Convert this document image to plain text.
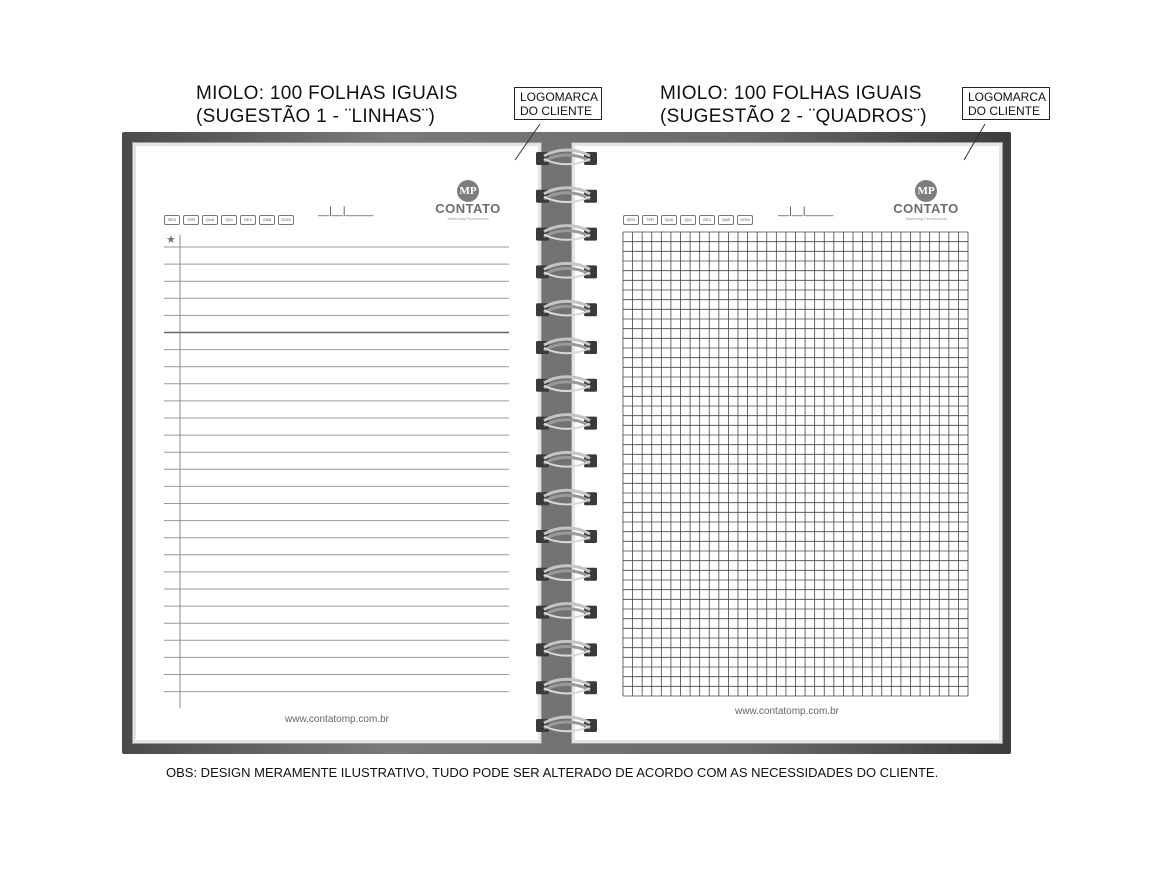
MIOLO: 100 FOLHAS IGUAIS
(SUGESTÃO 1 - ¨LINHAS¨)
MIOLO: 100 FOLHAS IGUAIS
(SUGESTÃO 2 - ¨QUADROS¨)
SEG	TER	QUA	QUI	SEX	SAB	DOM
__|__|_____
MP
CONTATO
Marketing Promocional
★
www.contatomp.com.br
SEG	TER	QUA	QUI	SEX	SAB	DOM
__|__|_____
MP
CONTATO
Marketing Promocional
www.contatomp.com.br
LOGOMARCA
DO CLIENTE
LOGOMARCA
DO CLIENTE
OBS: DESIGN MERAMENTE ILUSTRATIVO, TUDO PODE SER ALTERADO DE ACORDO COM AS NECESSIDADES DO CLIENTE.
